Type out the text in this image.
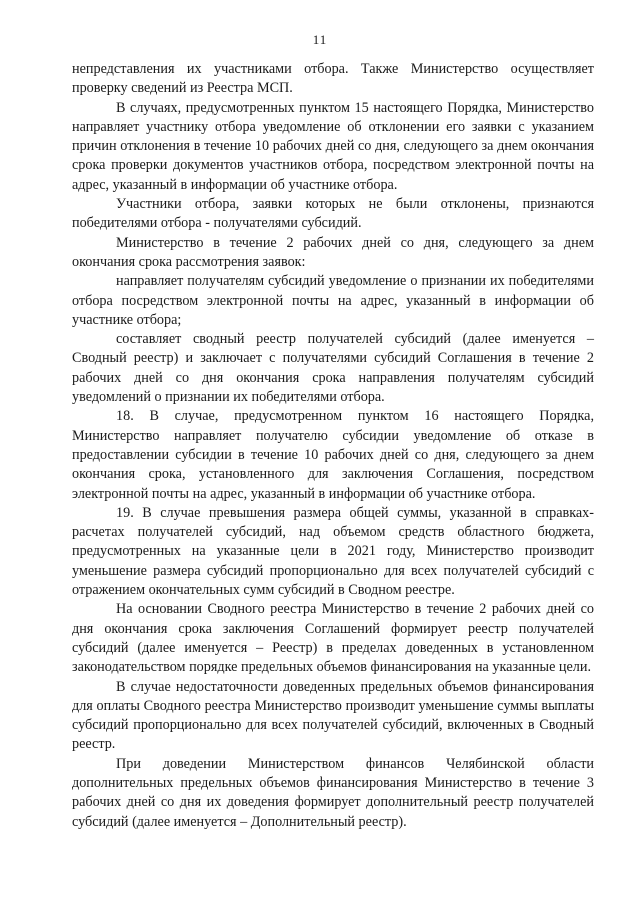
11

непредставления их участниками отбора. Также Министерство осуществляет проверку сведений из Реестра МСП.

В случаях, предусмотренных пунктом 15 настоящего Порядка, Министерство направляет участнику отбора уведомление об отклонении его заявки с указанием причин отклонения в течение 10 рабочих дней со дня, следующего за днем окончания срока проверки документов участников отбора, посредством электронной почты на адрес, указанный в информации об участнике отбора.

Участники отбора, заявки которых не были отклонены, признаются победителями отбора - получателями субсидий.

Министерство в течение 2 рабочих дней со дня, следующего за днем окончания срока рассмотрения заявок:

направляет получателям субсидий уведомление о признании их победителями отбора посредством электронной почты на адрес, указанный в информации об участнике отбора;

составляет сводный реестр получателей субсидий (далее именуется – Сводный реестр) и заключает с получателями субсидий Соглашения в течение 2 рабочих дней со дня окончания срока направления получателям субсидий уведомлений о признании их победителями отбора.

18. В случае, предусмотренном пунктом 16 настоящего Порядка, Министерство направляет получателю субсидии уведомление об отказе в предоставлении субсидии в течение 10 рабочих дней со дня, следующего за днем окончания срока, установленного для заключения Соглашения, посредством электронной почты на адрес, указанный в информации об участнике отбора.

19. В случае превышения размера общей суммы, указанной в справках-расчетах получателей субсидий, над объемом средств областного бюджета, предусмотренных на указанные цели в 2021 году, Министерство производит уменьшение размера субсидий пропорционально для всех получателей субсидий с отражением окончательных сумм субсидий в Сводном реестре.

На основании Сводного реестра Министерство в течение 2 рабочих дней со дня окончания срока заключения Соглашений формирует реестр получателей субсидий (далее именуется – Реестр) в пределах доведенных в установленном законодательством порядке предельных объемов финансирования на указанные цели.

В случае недостаточности доведенных предельных объемов финансирования для оплаты Сводного реестра Министерство производит уменьшение суммы выплаты субсидий пропорционально для всех получателей субсидий, включенных в Сводный реестр.

При доведении Министерством финансов Челябинской области дополнительных предельных объемов финансирования Министерство в течение 3 рабочих дней со дня их доведения формирует дополнительный реестр получателей субсидий (далее именуется – Дополнительный реестр).
